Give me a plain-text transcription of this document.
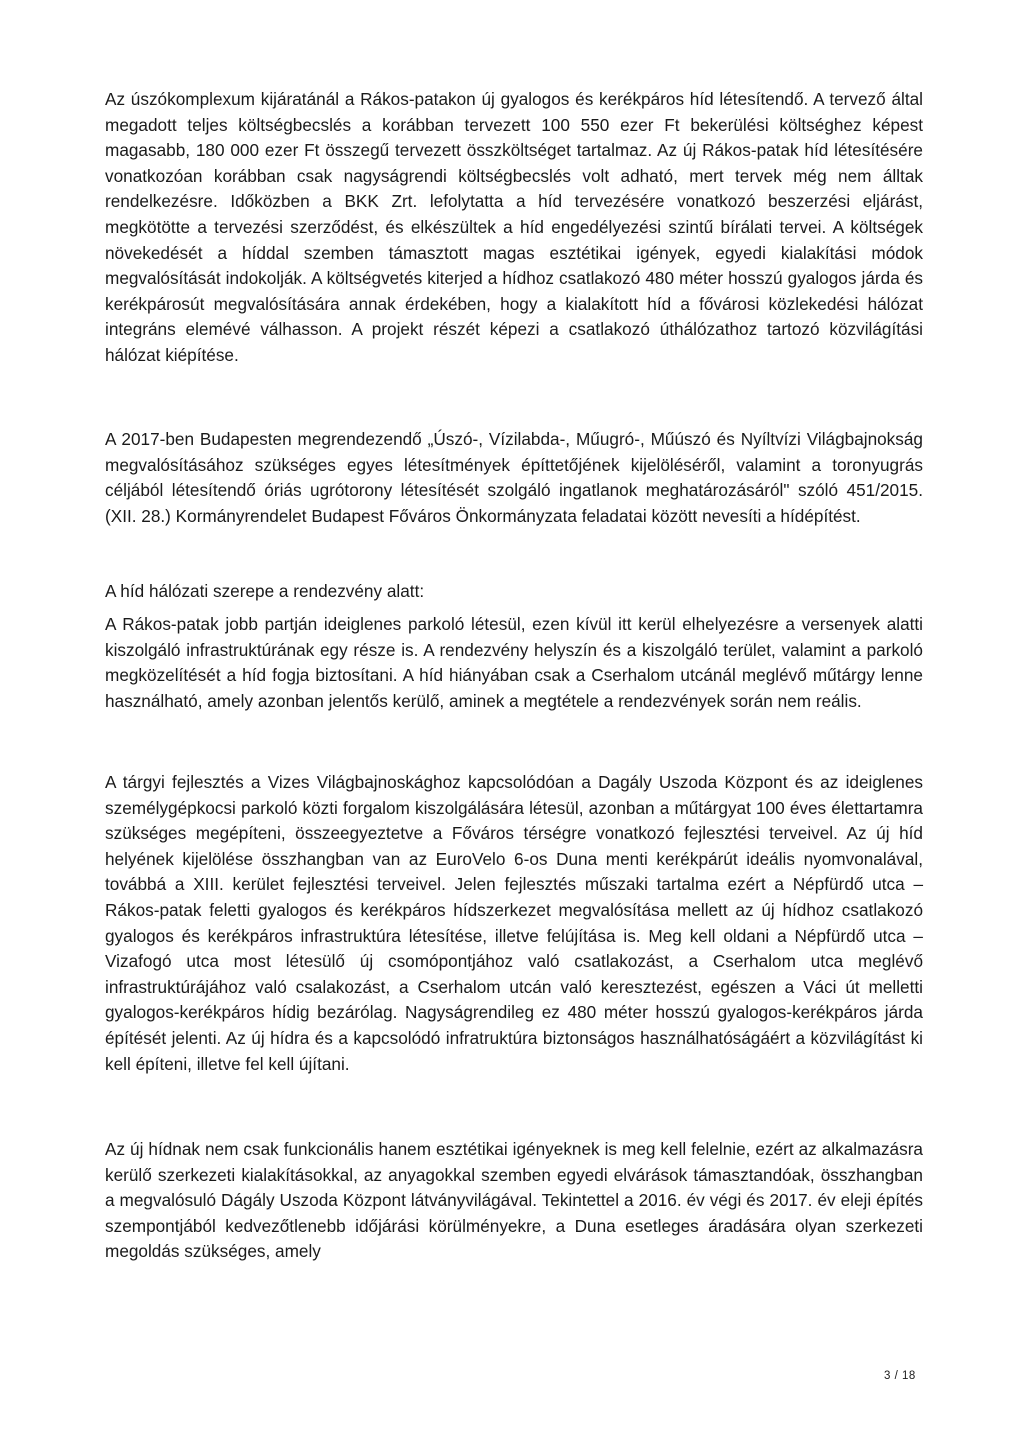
Az úszókomplexum kijáratánál a Rákos-patakon új gyalogos és kerékpáros híd létesítendő. A tervező által megadott teljes költségbecslés a korábban tervezett 100 550 ezer Ft bekerülési költséghez képest magasabb, 180 000 ezer Ft összegű tervezett összköltséget tartalmaz. Az új Rákos-patak híd létesítésére vonatkozóan korábban csak nagyságrendi költségbecslés volt adható, mert tervek még nem álltak rendelkezésre. Időközben a BKK Zrt. lefolytatta a híd tervezésére vonatkozó beszerzési eljárást, megkötötte a tervezési szerződést, és elkészültek a híd engedélyezési szintű bírálati tervei. A költségek növekedését a híddal szemben támasztott magas esztétikai igények, egyedi kialakítási módok megvalósítását indokolják. A költségvetés kiterjed a hídhoz csatlakozó 480 méter hosszú gyalogos járda és kerékpárosút megvalósítására annak érdekében, hogy a kialakított híd a fővárosi közlekedési hálózat integráns elemévé válhasson. A projekt részét képezi a csatlakozó úthálózathoz tartozó közvilágítási hálózat kiépítése.

A 2017-ben Budapesten megrendezendő „Úszó-, Vízilabda-, Műugró-, Műúszó és Nyíltvízi Világbajnokság megvalósításához szükséges egyes létesítmények építtetőjének kijelöléséről, valamint a toronyugrás céljából létesítendő óriás ugrótorony létesítését szolgáló ingatlanok meghatározásáról" szóló 451/2015. (XII. 28.) Kormányrendelet Budapest Főváros Önkormányzata feladatai között nevesíti a hídépítést.

A híd hálózati szerepe a rendezvény alatt:

A Rákos-patak jobb partján ideiglenes parkoló létesül, ezen kívül itt kerül elhelyezésre a versenyek alatti kiszolgáló infrastruktúrának egy része is. A rendezvény helyszín és a kiszolgáló terület, valamint a parkoló megközelítését a híd fogja biztosítani. A híd hiányában csak a Cserhalom utcánál meglévő műtárgy lenne használható, amely azonban jelentős kerülő, aminek a megtétele a rendezvények során nem reális.

A tárgyi fejlesztés a Vizes Világbajnoskághoz kapcsolódóan a Dagály Uszoda Központ és az ideiglenes személygépkocsi parkoló közti forgalom kiszolgálására létesül, azonban a műtárgyat 100 éves élettartamra szükséges megépíteni, összeegyeztetve a Főváros térségre vonatkozó fejlesztési terveivel. Az új híd helyének kijelölése összhangban van az EuroVelo 6-os Duna menti kerékpárút ideális nyomvonalával, továbbá a XIII. kerület fejlesztési terveivel. Jelen fejlesztés műszaki tartalma ezért a Népfürdő utca – Rákos-patak feletti gyalogos és kerékpáros hídszerkezet megvalósítása mellett az új hídhoz csatlakozó gyalogos és kerékpáros infrastruktúra létesítése, illetve felújítása is. Meg kell oldani a Népfürdő utca – Vizafogó utca most létesülő új csomópontjához való csatlakozást, a Cserhalom utca meglévő infrastruktúrájához való csalakozást, a Cserhalom utcán való keresztezést, egészen a Váci út melletti gyalogos-kerékpáros hídig bezárólag. Nagyságrendileg ez 480 méter hosszú gyalogos-kerékpáros járda építését jelenti. Az új hídra és a kapcsolódó infratruktúra biztonságos használhatóságáért a közvilágítást ki kell építeni, illetve fel kell újítani.

Az új hídnak nem csak funkcionális hanem esztétikai igényeknek is meg kell felelnie, ezért az alkalmazásra kerülő szerkezeti kialakításokkal, az anyagokkal szemben egyedi elvárások támasztandóak, összhangban a megvalósuló Dágály Uszoda Központ látványvilágával. Tekintettel a 2016. év végi és 2017. év eleji építés szempontjából kedvezőtlenebb időjárási körülményekre, a Duna esetleges áradására olyan szerkezeti megoldás szükséges, amely

3 / 18
